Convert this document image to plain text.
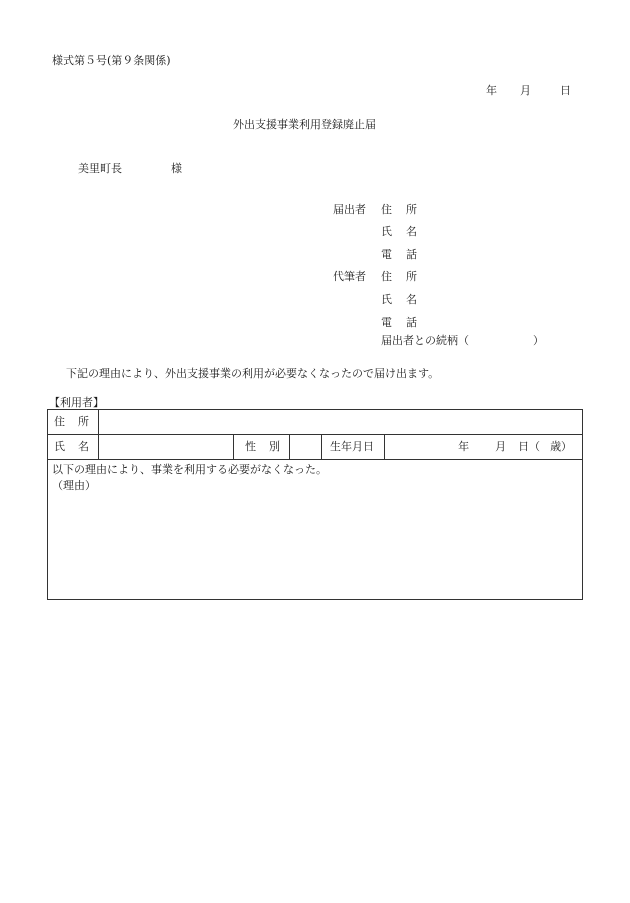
様式第５号(第９条関係)
年 月	日
外出支援事業利用登録廃止届
美里町長	様
届出者 住 所
氏 名
電 話
代筆者 住 所
氏 名
電 話
届出者との続柄（	）
下記の理由により、外出支援事業の利用が必要なくなったので届け出ます。
【利用者】
住 所					
氏 名		性 別		生年月日	年 月 日（ 歳）

以下の理由により、事業を利用する必要がなくなった。
（理由）					
